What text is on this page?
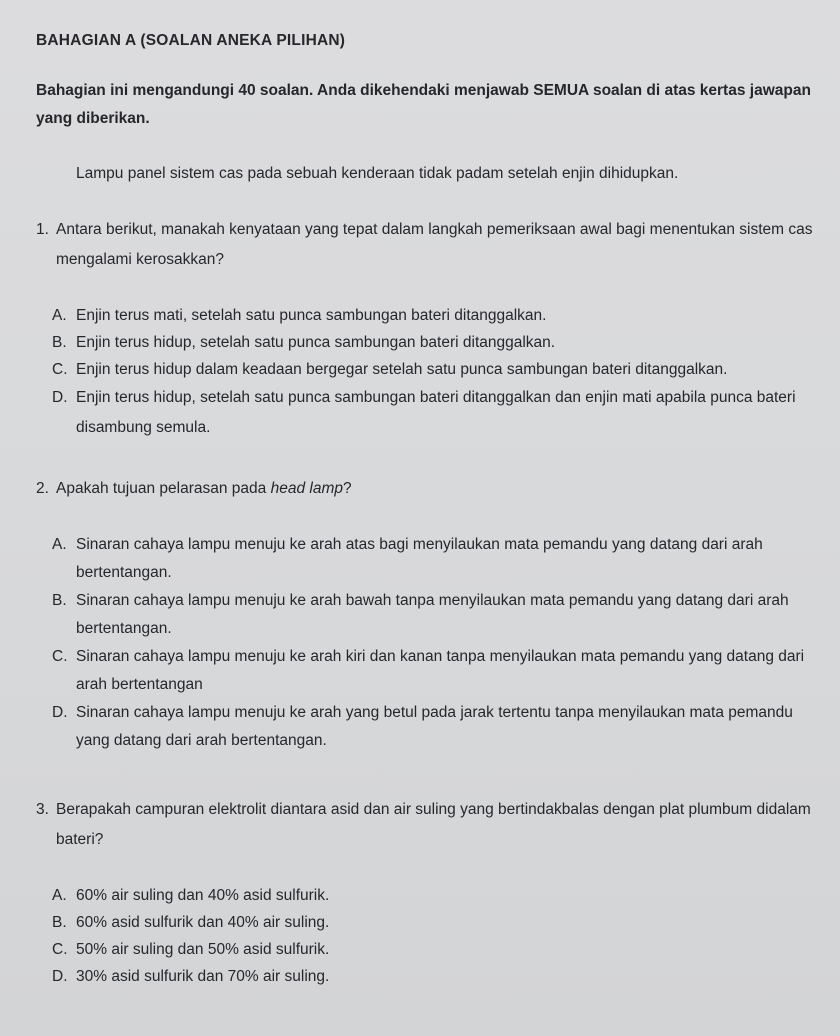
BAHAGIAN A (SOALAN ANEKA PILIHAN)
Bahagian ini mengandungi 40 soalan. Anda dikehendaki menjawab SEMUA soalan di atas kertas jawapan yang diberikan.
Lampu panel sistem cas pada sebuah kenderaan tidak padam setelah enjin dihidupkan.
1. Antara berikut, manakah kenyataan yang tepat dalam langkah pemeriksaan awal bagi menentukan sistem cas mengalami kerosakkan?
A. Enjin terus mati, setelah satu punca sambungan bateri ditanggalkan.
B. Enjin terus hidup, setelah satu punca sambungan bateri ditanggalkan.
C. Enjin terus hidup dalam keadaan bergegar setelah satu punca sambungan bateri ditanggalkan.
D. Enjin terus hidup, setelah satu punca sambungan bateri ditanggalkan dan enjin mati apabila punca bateri disambung semula.
2. Apakah tujuan pelarasan pada head lamp?
A. Sinaran cahaya lampu menuju ke arah atas bagi menyilaukan mata pemandu yang datang dari arah bertentangan.
B. Sinaran cahaya lampu menuju ke arah bawah tanpa menyilaukan mata pemandu yang datang dari arah bertentangan.
C. Sinaran cahaya lampu menuju ke arah kiri dan kanan tanpa menyilaukan mata pemandu yang datang dari arah bertentangan
D. Sinaran cahaya lampu menuju ke arah yang betul pada jarak tertentu tanpa menyilaukan mata pemandu yang datang dari arah bertentangan.
3. Berapakah campuran elektrolit diantara asid dan air suling yang bertindakbalas dengan plat plumbum didalam bateri?
A. 60% air suling dan 40% asid sulfurik.
B. 60% asid sulfurik dan 40% air suling.
C. 50% air suling dan 50% asid sulfurik.
D. 30% asid sulfurik dan 70% air suling.
